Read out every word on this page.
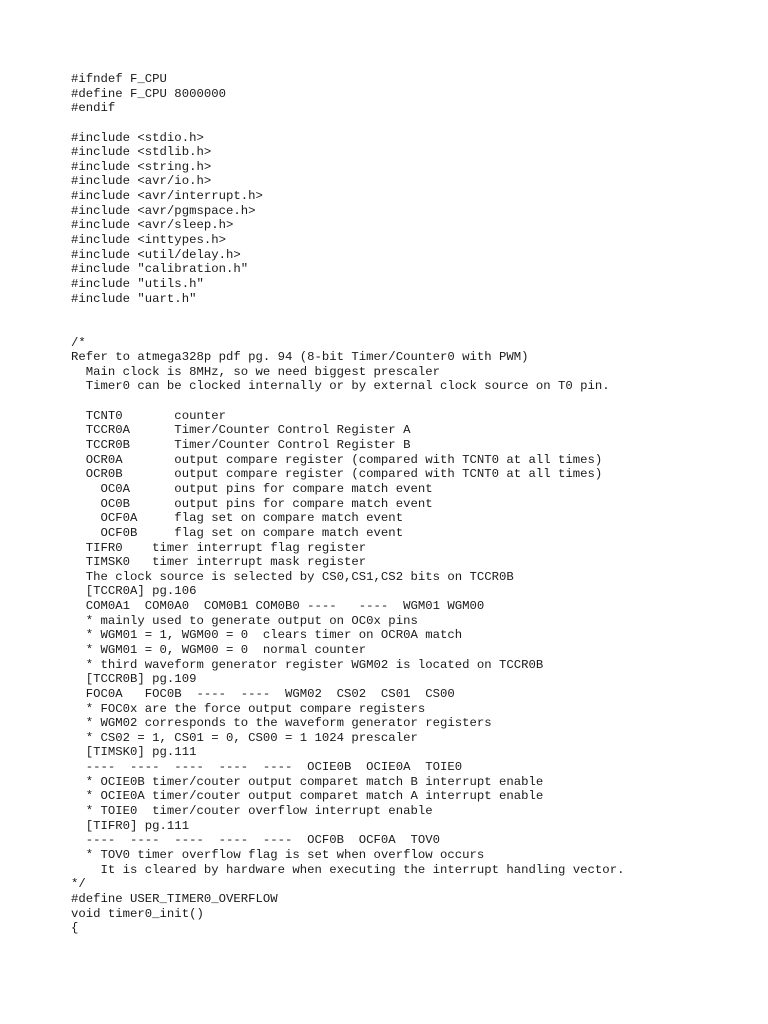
#ifndef F_CPU
#define F_CPU 8000000
#endif
#include <stdio.h>
#include <stdlib.h>
#include <string.h>
#include <avr/io.h>
#include <avr/interrupt.h>
#include <avr/pgmspace.h>
#include <avr/sleep.h>
#include <inttypes.h>
#include <util/delay.h>
#include "calibration.h"
#include "utils.h"
#include "uart.h"
/*
Refer to atmega328p pdf pg. 94 (8-bit Timer/Counter0 with PWM)
Main clock is 8MHz, so we need biggest prescaler
Timer0 can be clocked internally or by external clock source on T0 pin.
TCNT0       counter
TCCR0A      Timer/Counter Control Register A
TCCR0B      Timer/Counter Control Register B
OCR0A       output compare register (compared with TCNT0 at all times)
OCR0B       output compare register (compared with TCNT0 at all times)
OC0A      output pins for compare match event
OC0B      output pins for compare match event
OCF0A     flag set on compare match event
OCF0B     flag set on compare match event
TIFR0    timer interrupt flag register
TIMSK0   timer interrupt mask register
The clock source is selected by CS0,CS1,CS2 bits on TCCR0B
[TCCR0A] pg.106
COM0A1  COM0A0  COM0B1 COM0B0 ----   ----  WGM01 WGM00
* mainly used to generate output on OC0x pins
* WGM01 = 1, WGM00 = 0  clears timer on OCR0A match
* WGM01 = 0, WGM00 = 0  normal counter
* third waveform generator register WGM02 is located on TCCR0B
[TCCR0B] pg.109
FOC0A   FOC0B  ----  ----  WGM02  CS02  CS01  CS00
* FOC0x are the force output compare registers
* WGM02 corresponds to the waveform generator registers
* CS02 = 1, CS01 = 0, CS00 = 1 1024 prescaler
[TIMSK0] pg.111
----  ----  ----  ----  ----  OCIE0B  OCIE0A  TOIE0
* OCIE0B timer/couter output comparet match B interrupt enable
* OCIE0A timer/couter output comparet match A interrupt enable
* TOIE0  timer/couter overflow interrupt enable
[TIFR0] pg.111
----  ----  ----  ----  ----  OCF0B  OCF0A  TOV0
* TOV0 timer overflow flag is set when overflow occurs
It is cleared by hardware when executing the interrupt handling vector.
*/
#define USER_TIMER0_OVERFLOW
void timer0_init()
{
